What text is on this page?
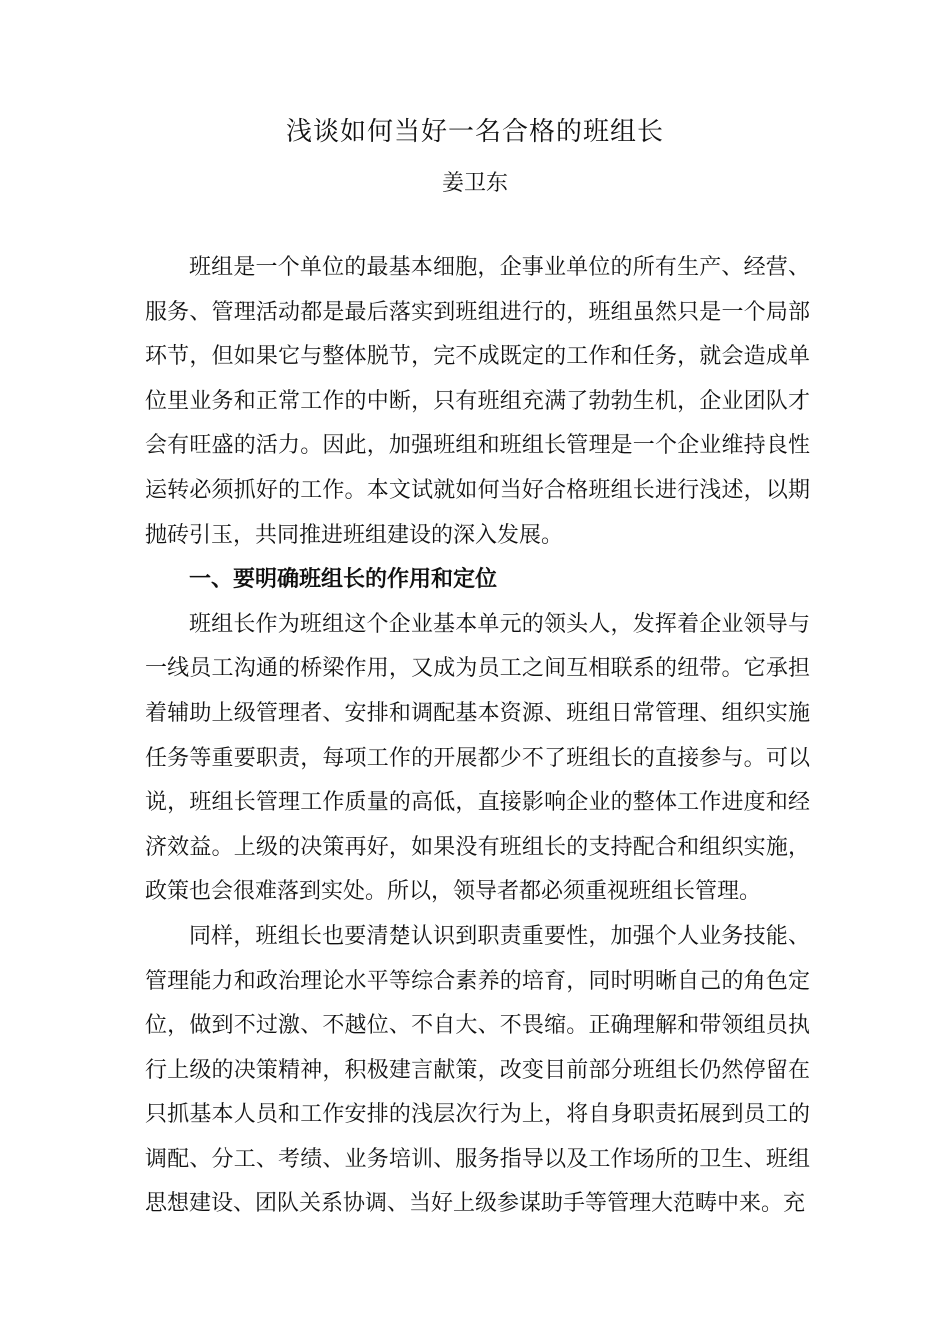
浅谈如何当好一名合格的班组长
姜卫东

班组是一个单位的最基本细胞，企事业单位的所有生产、经营、服务、管理活动都是最后落实到班组进行的，班组虽然只是一个局部环节，但如果它与整体脱节，完不成既定的工作和任务，就会造成单位里业务和正常工作的中断，只有班组充满了勃勃生机，企业团队才会有旺盛的活力。因此，加强班组和班组长管理是一个企业维持良性运转必须抓好的工作。本文试就如何当好合格班组长进行浅述，以期抛砖引玉，共同推进班组建设的深入发展。

一、要明确班组长的作用和定位

班组长作为班组这个企业基本单元的领头人，发挥着企业领导与一线员工沟通的桥梁作用，又成为员工之间互相联系的纽带。它承担着辅助上级管理者、安排和调配基本资源、班组日常管理、组织实施任务等重要职责，每项工作的开展都少不了班组长的直接参与。可以说，班组长管理工作质量的高低，直接影响企业的整体工作进度和经济效益。上级的决策再好，如果没有班组长的支持配合和组织实施，政策也会很难落到实处。所以，领导者都必须重视班组长管理。

同样，班组长也要清楚认识到职责重要性，加强个人业务技能、管理能力和政治理论水平等综合素养的培育，同时明晰自己的角色定位，做到不过激、不越位、不自大、不畏缩。正确理解和带领组员执行上级的决策精神，积极建言献策，改变目前部分班组长仍然停留在只抓基本人员和工作安排的浅层次行为上，将自身职责拓展到员工的调配、分工、考绩、业务培训、服务指导以及工作场所的卫生、班组思想建设、团队关系协调、当好上级参谋助手等管理大范畴中来。充
